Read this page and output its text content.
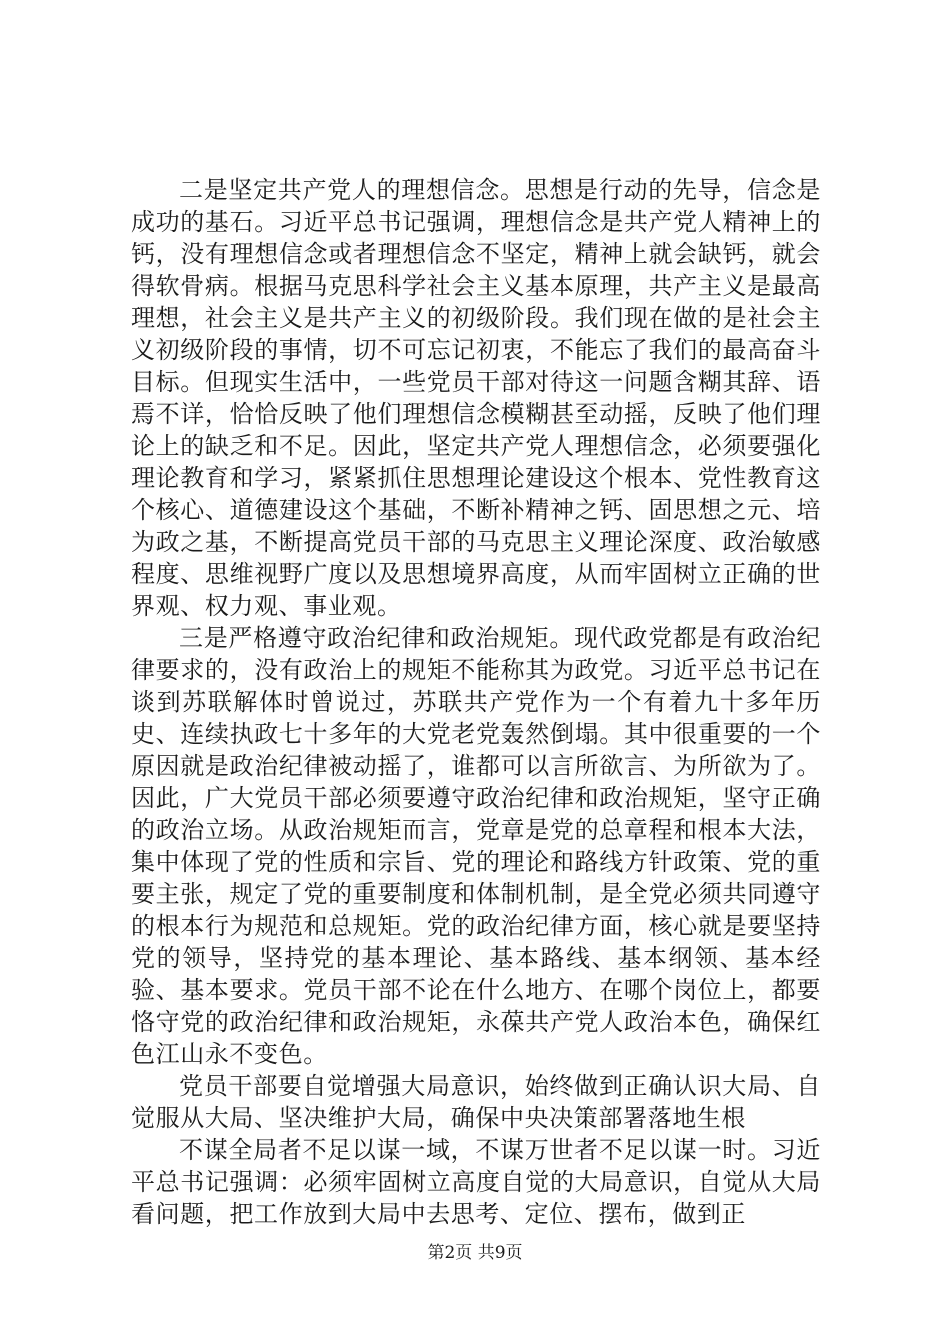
二是坚定共产党人的理想信念。思想是行动的先导，信念是成功的基石。习近平总书记强调，理想信念是共产党人精神上的钙，没有理想信念或者理想信念不坚定，精神上就会缺钙，就会得软骨病。根据马克思科学社会主义基本原理，共产主义是最高理想，社会主义是共产主义的初级阶段。我们现在做的是社会主义初级阶段的事情，切不可忘记初衷，不能忘了我们的最高奋斗目标。但现实生活中，一些党员干部对待这一问题含糊其辞、语焉不详，恰恰反映了他们理想信念模糊甚至动摇，反映了他们理论上的缺乏和不足。因此，坚定共产党人理想信念，必须要强化理论教育和学习，紧紧抓住思想理论建设这个根本、党性教育这个核心、道德建设这个基础，不断补精神之钙、固思想之元、培为政之基，不断提高党员干部的马克思主义理论深度、政治敏感程度、思维视野广度以及思想境界高度，从而牢固树立正确的世界观、权力观、事业观。

三是严格遵守政治纪律和政治规矩。现代政党都是有政治纪律要求的，没有政治上的规矩不能称其为政党。习近平总书记在谈到苏联解体时曾说过，苏联共产党作为一个有着九十多年历史、连续执政七十多年的大党老党轰然倒塌。其中很重要的一个原因就是政治纪律被动摇了，谁都可以言所欲言、为所欲为了。因此，广大党员干部必须要遵守政治纪律和政治规矩，坚守正确的政治立场。从政治规矩而言，党章是党的总章程和根本大法，集中体现了党的性质和宗旨、党的理论和路线方针政策、党的重要主张，规定了党的重要制度和体制机制，是全党必须共同遵守的根本行为规范和总规矩。党的政治纪律方面，核心就是要坚持党的领导，坚持党的基本理论、基本路线、基本纲领、基本经验、基本要求。党员干部不论在什么地方、在哪个岗位上，都要恪守党的政治纪律和政治规矩，永葆共产党人政治本色，确保红色江山永不变色。

党员干部要自觉增强大局意识，始终做到正确认识大局、自觉服从大局、坚决维护大局，确保中央决策部署落地生根

不谋全局者不足以谋一域，不谋万世者不足以谋一时。习近平总书记强调：必须牢固树立高度自觉的大局意识，自觉从大局看问题，把工作放到大局中去思考、定位、摆布，做到正

第2页 共9页
